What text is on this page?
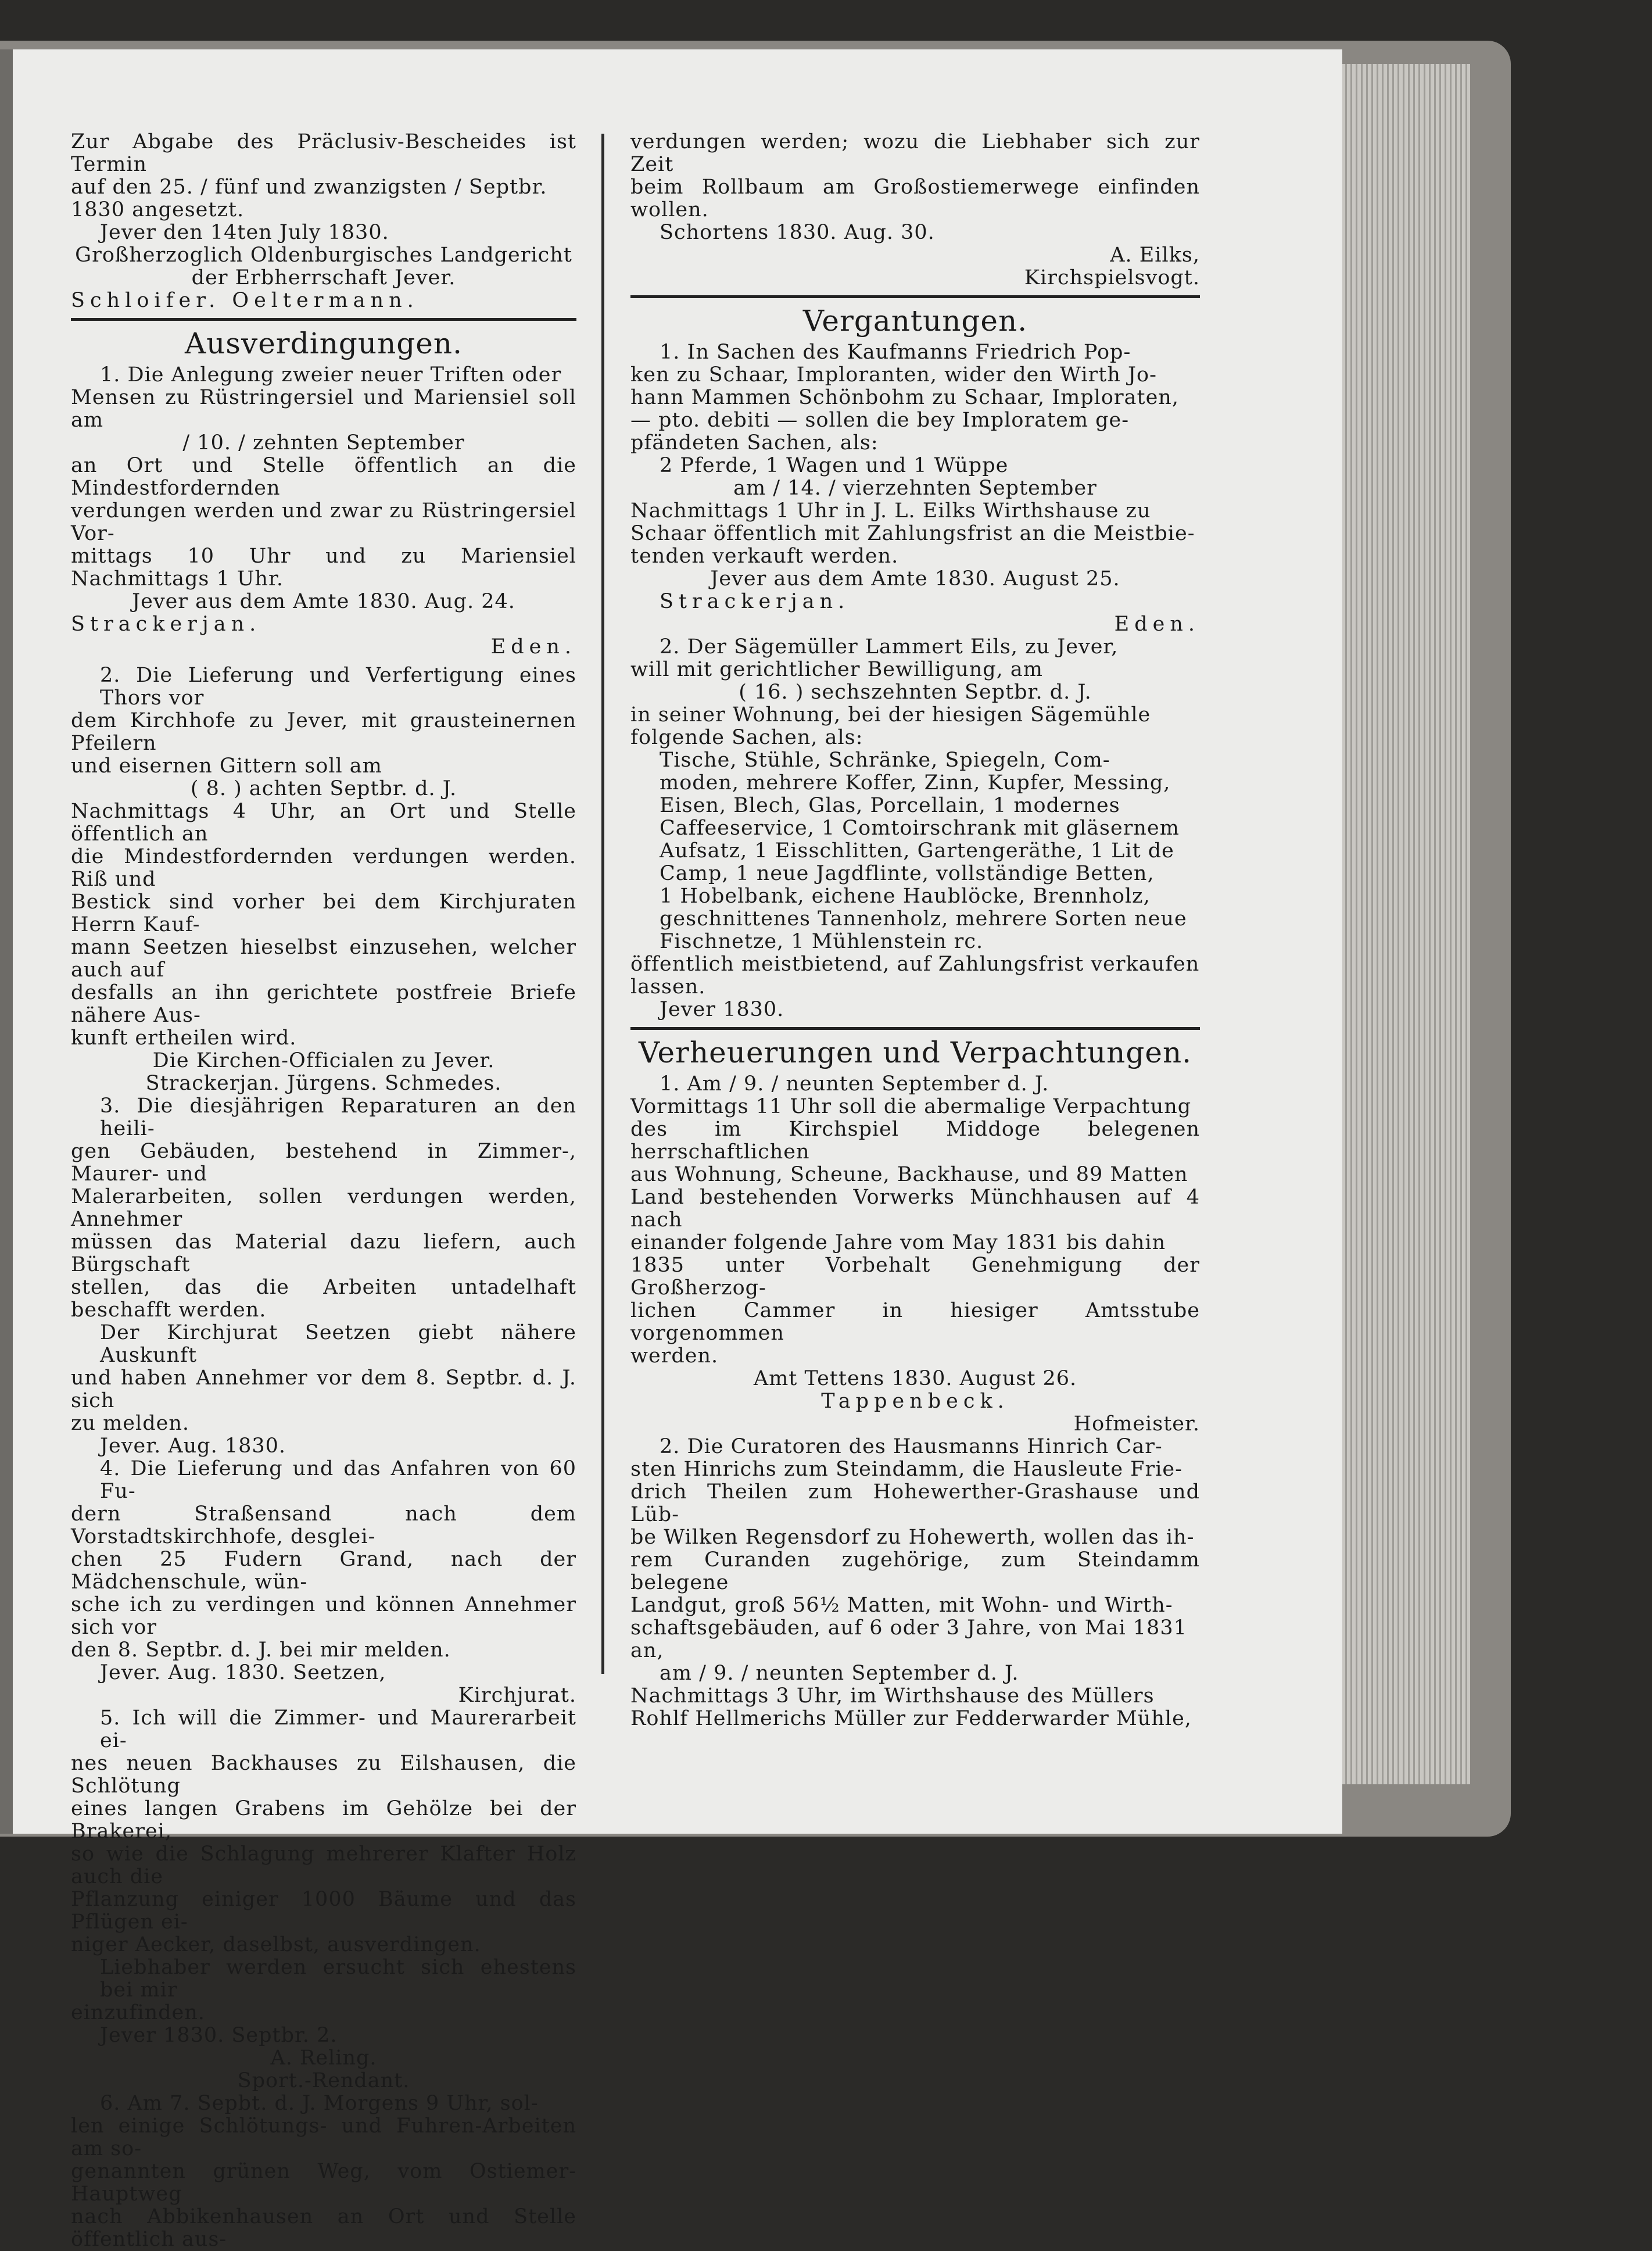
Zur Abgabe des Präclusiv-Bescheides ist Termin

auf den 25. / fünf und zwanzigsten / Septbr.

1830 angesetzt.

Jever den 14ten July 1830.

Großherzoglich Oldenburgisches Landgericht

der Erbherrschaft Jever.

Schloifer. Oeltermann.

Ausverdingungen.

1. Die Anlegung zweier neuer Triften oder

Mensen zu Rüstringersiel und Mariensiel soll am

/ 10. / zehnten September

an Ort und Stelle öffentlich an die Mindestfordernden

verdungen werden und zwar zu Rüstringersiel Vor-

mittags 10 Uhr und zu Mariensiel Nachmittags 1 Uhr.

Jever aus dem Amte 1830. Aug. 24.

Strackerjan.

Eden.

2. Die Lieferung und Verfertigung eines Thors vor

dem Kirchhofe zu Jever, mit grausteinernen Pfeilern

und eisernen Gittern soll am

( 8. ) achten Septbr. d. J.

Nachmittags 4 Uhr, an Ort und Stelle öffentlich an

die Mindestfordernden verdungen werden. Riß und

Bestick sind vorher bei dem Kirchjuraten Herrn Kauf-

mann Seetzen hieselbst einzusehen, welcher auch auf

desfalls an ihn gerichtete postfreie Briefe nähere Aus-

kunft ertheilen wird.

Die Kirchen-Officialen zu Jever.

Strackerjan. Jürgens. Schmedes.

3. Die diesjährigen Reparaturen an den heili-

gen Gebäuden, bestehend in Zimmer-, Maurer- und

Malerarbeiten, sollen verdungen werden, Annehmer

müssen das Material dazu liefern, auch Bürgschaft

stellen, das die Arbeiten untadelhaft beschafft werden.

Der Kirchjurat Seetzen giebt nähere Auskunft

und haben Annehmer vor dem 8. Septbr. d. J. sich

zu melden.

Jever. Aug. 1830.

4. Die Lieferung und das Anfahren von 60 Fu-

dern Straßensand nach dem Vorstadtskirchhofe, desglei-

chen 25 Fudern Grand, nach der Mädchenschule, wün-

sche ich zu verdingen und können Annehmer sich vor

den 8. Septbr. d. J. bei mir melden.

Jever. Aug. 1830. Seetzen,

Kirchjurat.

5. Ich will die Zimmer- und Maurerarbeit ei-

nes neuen Backhauses zu Eilshausen, die Schlötung

eines langen Grabens im Gehölze bei der Brakerei,

so wie die Schlagung mehrerer Klafter Holz auch die

Pflanzung einiger 1000 Bäume und das Pflügen ei-

niger Aecker, daselbst, ausverdingen.

Liebhaber werden ersucht sich ehestens bei mir

einzufinden.

Jever 1830. Septbr. 2.

A. Reling.

Sport.-Rendant.

6. Am 7. Sepbt. d. J. Morgens 9 Uhr, sol-

len einige Schlötungs- und Fuhren-Arbeiten am so-

genannten grünen Weg, vom Ostiemer-Hauptweg

nach Abbikenhausen an Ort und Stelle öffentlich aus-

verdungen werden; wozu die Liebhaber sich zur Zeit

beim Rollbaum am Großostiemerwege einfinden wollen.

Schortens 1830. Aug. 30.

A. Eilks,

Kirchspielsvogt.

Vergantungen.

1. In Sachen des Kaufmanns Friedrich Pop-

ken zu Schaar, Imploranten, wider den Wirth Jo-

hann Mammen Schönbohm zu Schaar, Imploraten,

— pto. debiti — sollen die bey Imploratem ge-

pfändeten Sachen, als:

2 Pferde, 1 Wagen und 1 Wüppe

am / 14. / vierzehnten September

Nachmittags 1 Uhr in J. L. Eilks Wirthshause zu

Schaar öffentlich mit Zahlungsfrist an die Meistbie-

tenden verkauft werden.

Jever aus dem Amte 1830. August 25.

Strackerjan.

Eden.

2. Der Sägemüller Lammert Eils, zu Jever,

will mit gerichtlicher Bewilligung, am

( 16. ) sechszehnten Septbr. d. J.

in seiner Wohnung, bei der hiesigen Sägemühle

folgende Sachen, als:

Tische, Stühle, Schränke, Spiegeln, Com-

moden, mehrere Koffer, Zinn, Kupfer, Messing,

Eisen, Blech, Glas, Porcellain, 1 modernes

Caffeeservice, 1 Comtoirschrank mit gläsernem

Aufsatz, 1 Eisschlitten, Gartengeräthe, 1 Lit de

Camp, 1 neue Jagdflinte, vollständige Betten,

1 Hobelbank, eichene Haublöcke, Brennholz,

geschnittenes Tannenholz, mehrere Sorten neue

Fischnetze, 1 Mühlenstein rc.

öffentlich meistbietend, auf Zahlungsfrist verkaufen

lassen.

Jever 1830.

Verheuerungen und Verpachtungen.

1. Am / 9. / neunten September d. J.

Vormittags 11 Uhr soll die abermalige Verpachtung

des im Kirchspiel Middoge belegenen herrschaftlichen

aus Wohnung, Scheune, Backhause, und 89 Matten

Land bestehenden Vorwerks Münchhausen auf 4 nach

einander folgende Jahre vom May 1831 bis dahin

1835 unter Vorbehalt Genehmigung der Großherzog-

lichen Cammer in hiesiger Amtsstube vorgenommen

werden.

Amt Tettens 1830. August 26.

Tappenbeck.

Hofmeister.

2. Die Curatoren des Hausmanns Hinrich Car-

sten Hinrichs zum Steindamm, die Hausleute Frie-

drich Theilen zum Hohewerther-Grashause und Lüb-

be Wilken Regensdorf zu Hohewerth, wollen das ih-

rem Curanden zugehörige, zum Steindamm belegene

Landgut, groß 56½ Matten, mit Wohn- und Wirth-

schaftsgebäuden, auf 6 oder 3 Jahre, von Mai 1831

an,

am / 9. / neunten September d. J.

Nachmittags 3 Uhr, im Wirthshause des Müllers

Rohlf Hellmerichs Müller zur Fedderwarder Mühle,
